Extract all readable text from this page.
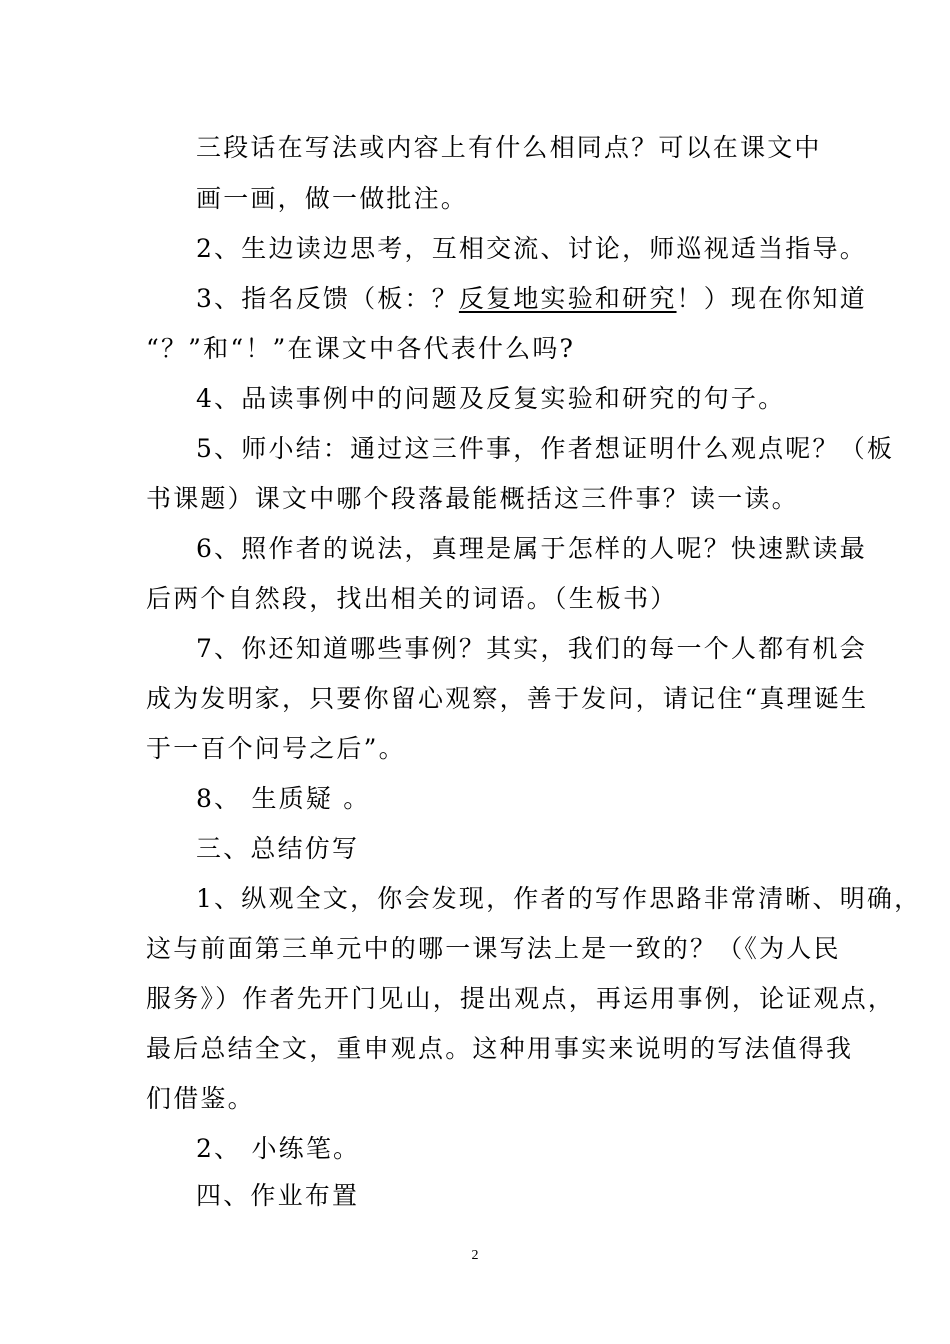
三段话在写法或内容上有什么相同点？可以在课文中
画一画，做一做批注。
2、生边读边思考，互相交流、讨论，师巡视适当指导。
3、指名反馈（板：？反复地实验和研究！）现在你知道
“？”和“！”在课文中各代表什么吗?
4、品读事例中的问题及反复实验和研究的句子。
5、师小结：通过这三件事，作者想证明什么观点呢？（板
书课题）课文中哪个段落最能概括这三件事？读一读。
6、照作者的说法，真理是属于怎样的人呢？快速默读最
后两个自然段，找出相关的词语。（生板书）
7、你还知道哪些事例？其实，我们的每一个人都有机会
成为发明家，只要你留心观察，善于发问，请记住“真理诞生
于一百个问号之后”。
8、 生质疑 。
三、总结仿写
1、纵观全文，你会发现，作者的写作思路非常清晰、明确，
这与前面第三单元中的哪一课写法上是一致的？（《为人民
服务》）作者先开门见山，提出观点，再运用事例，论证观点，
最后总结全文，重申观点。这种用事实来说明的写法值得我
们借鉴。
2、 小练笔。
四、作业布置
2
